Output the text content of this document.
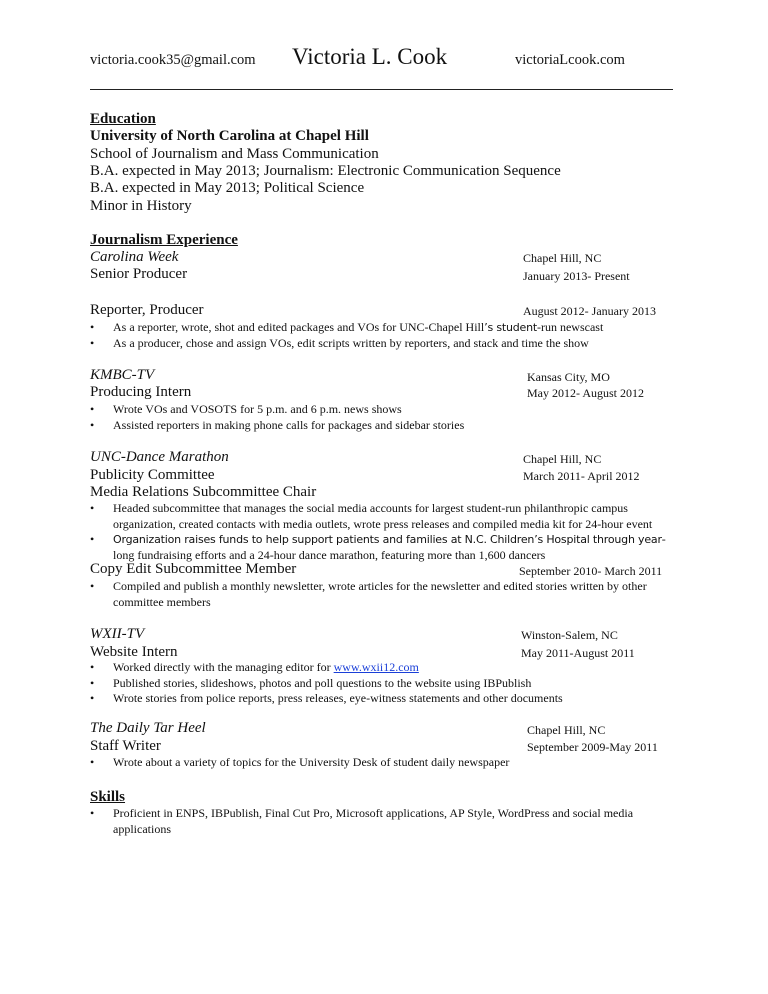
victoria.cook35@gmail.com Victoria L. Cook	victoriaLcook.com
Education
University of North Carolina at Chapel Hill
School of Journalism and Mass Communication
B.A. expected in May 2013; Journalism: Electronic Communication Sequence
B.A. expected in May 2013; Political Science
Minor in History
Journalism Experience
Carolina Week	Chapel Hill, NC
Senior Producer	January 2013- Present
Reporter, Producer	August 2012- January 2013
• As a reporter, wrote, shot and edited packages and VOs for UNC-Chapel Hill’s student-run newscast
• As a producer, chose and assign VOs, edit scripts written by reporters, and stack and time the show
KMBC-TV	Kansas City, MO
Producing Intern	May 2012- August 2012
• Wrote VOs and VOSOTS for 5 p.m. and 6 p.m. news shows
• Assisted reporters in making phone calls for packages and sidebar stories
UNC-Dance Marathon	Chapel Hill, NC
Publicity Committee	March 2011- April 2012
Media Relations Subcommittee Chair
• Headed subcommittee that manages the social media accounts for largest student-run philanthropic campus organization, created contacts with media outlets, wrote press releases and compiled media kit for 24-hour event
• Organization raises funds to help support patients and families at N.C. Children’s Hospital through year-long fundraising efforts and a 24-hour dance marathon, featuring more than 1,600 dancers
Copy Edit Subcommittee Member	September 2010- March 2011
• Compiled and publish a monthly newsletter, wrote articles for the newsletter and edited stories written by other committee members
WXII-TV	Winston-Salem, NC
Website Intern	May 2011-August 2011
• Worked directly with the managing editor for www.wxii12.com
• Published stories, slideshows, photos and poll questions to the website using IBPublish
• Wrote stories from police reports, press releases, eye-witness statements and other documents
The Daily Tar Heel	Chapel Hill, NC
Staff Writer	September 2009-May 2011
• Wrote about a variety of topics for the University Desk of student daily newspaper
Skills
• Proficient in ENPS, IBPublish, Final Cut Pro, Microsoft applications, AP Style, WordPress and social media applications
